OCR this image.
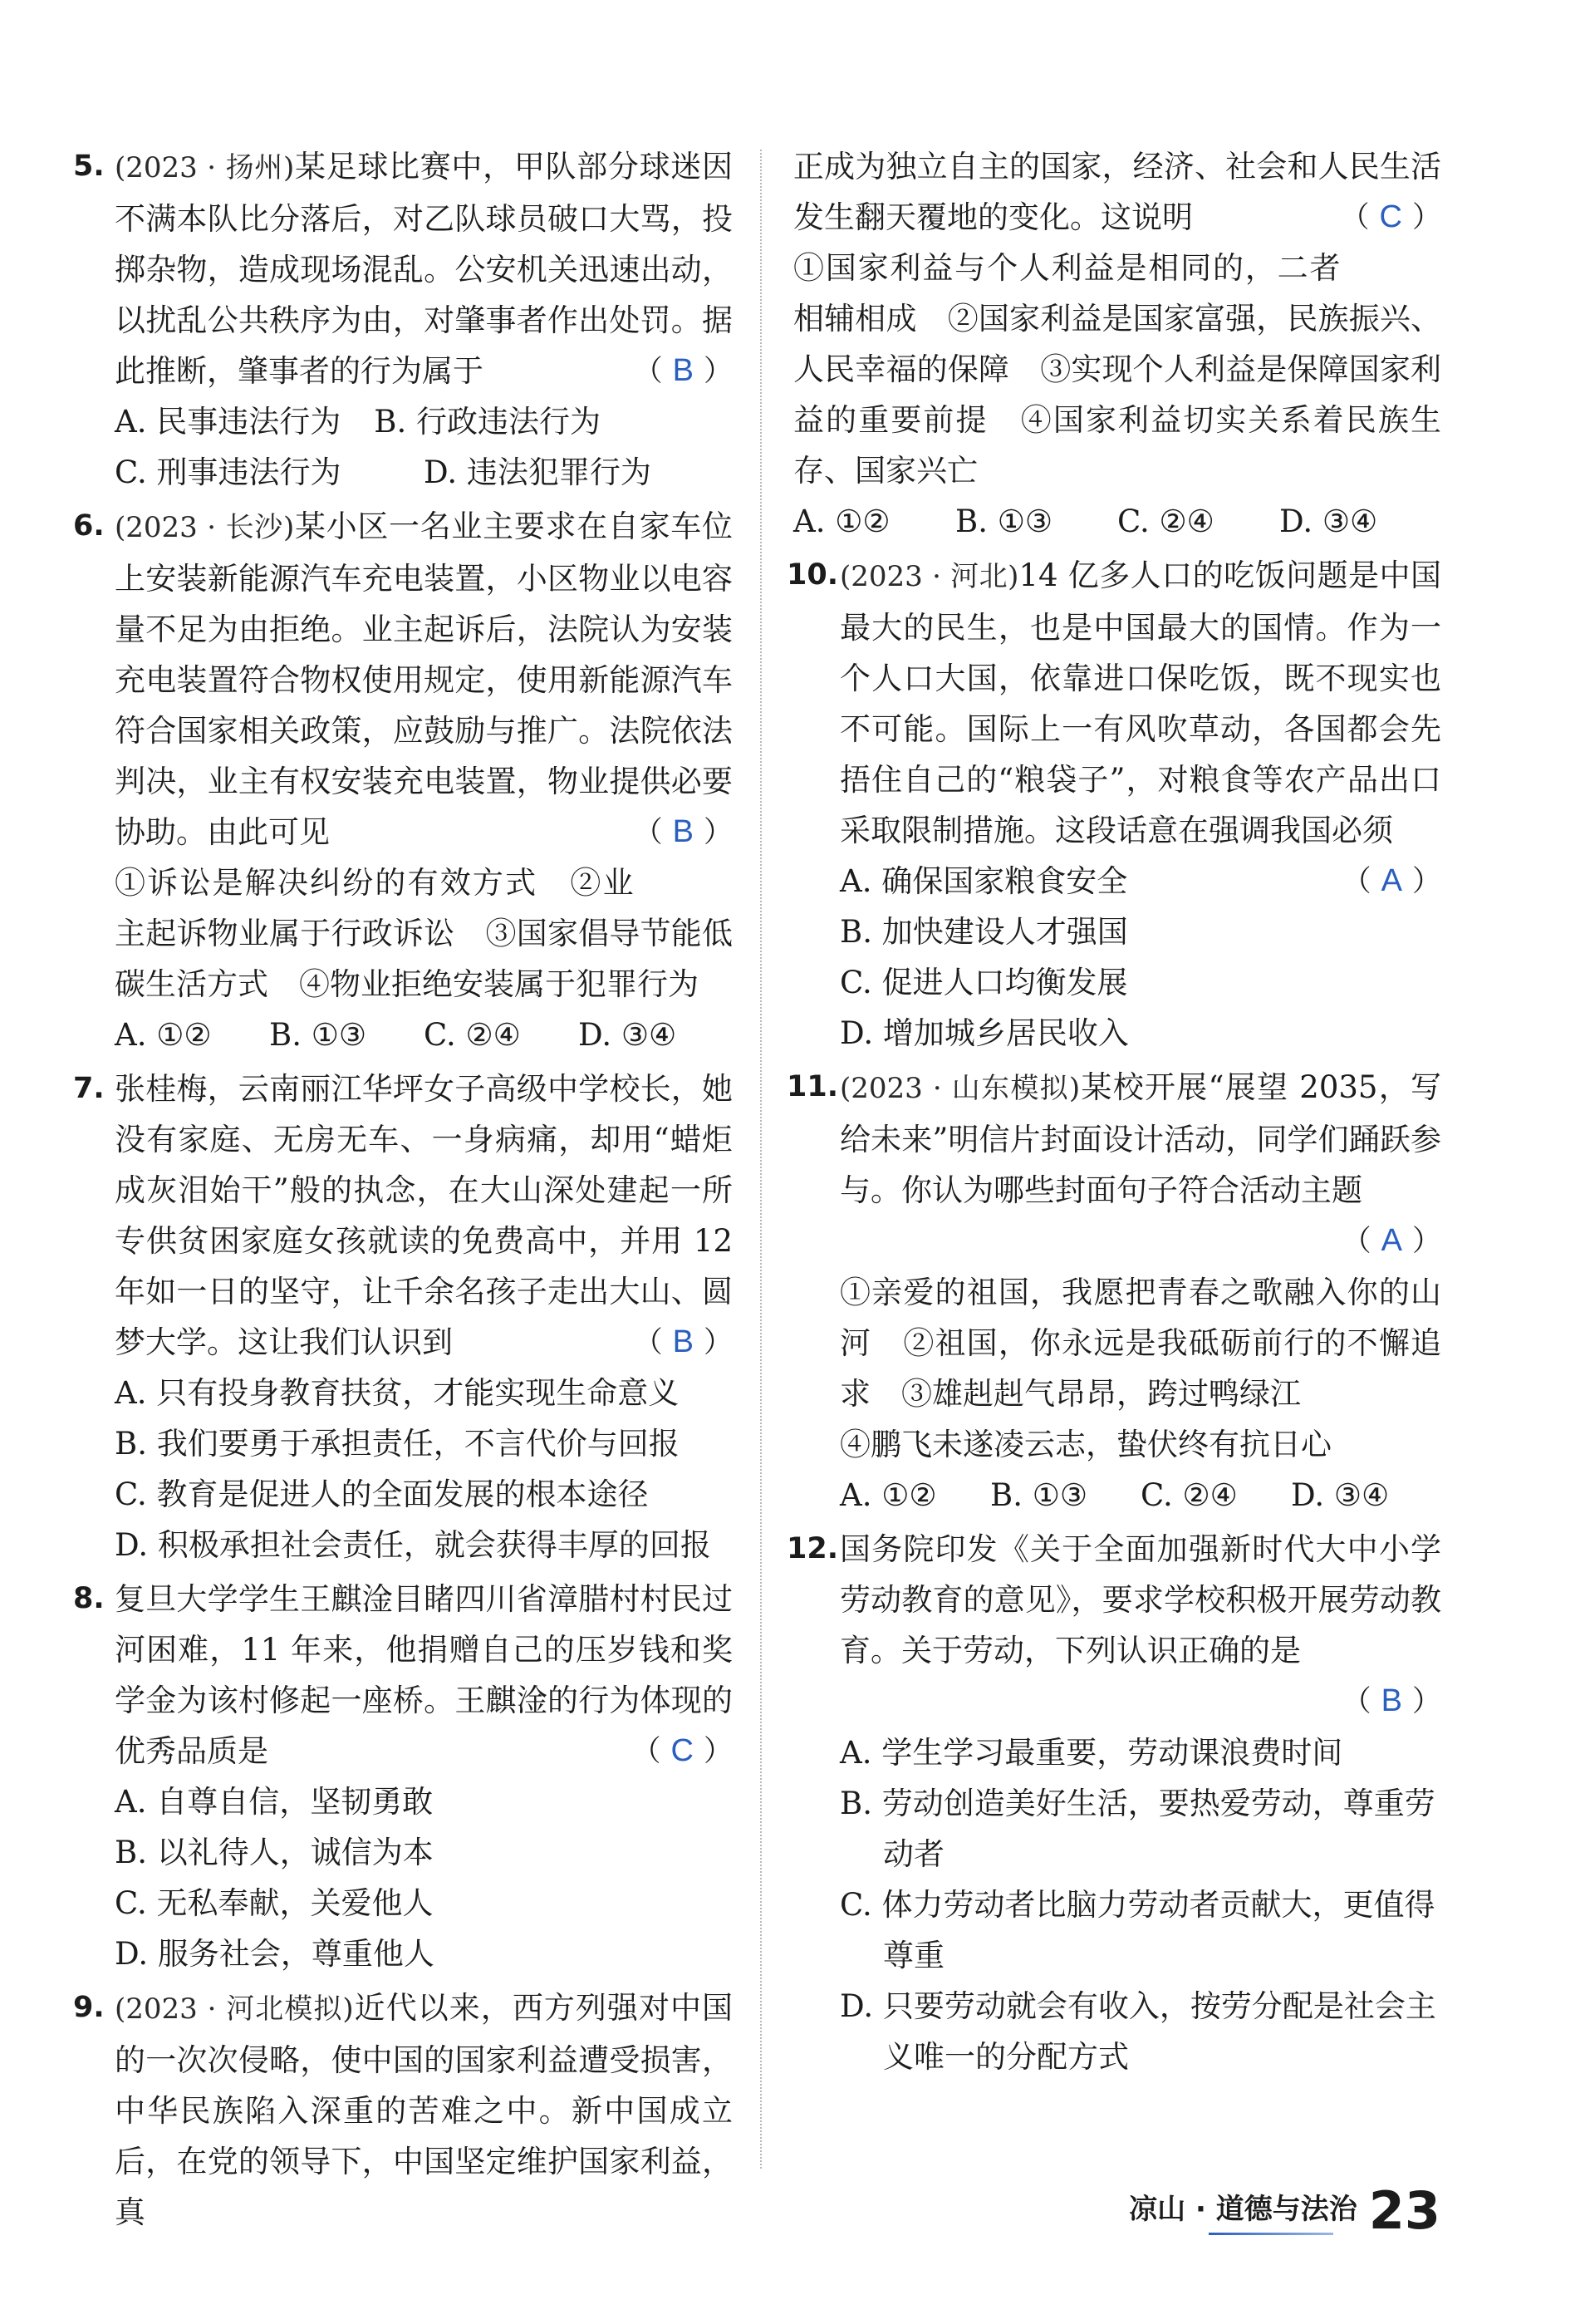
5. (2023 · 扬州)某足球比赛中，甲队部分球迷因不满本队比分落后，对乙队球员破口大骂，投掷杂物，造成现场混乱。公安机关迅速出动，以扰乱公共秩序为由，对肇事者作出处罚。据此推断，肇事者的行为属于	（ B ）
A. 民事违法行为	B. 行政违法行为
C. 刑事违法行为	D. 违法犯罪行为
6. (2023 · 长沙)某小区一名业主要求在自家车位上安装新能源汽车充电装置，小区物业以电容量不足为由拒绝。业主起诉后，法院认为安装充电装置符合物权使用规定，使用新能源汽车符合国家相关政策，应鼓励与推广。法院依法判决，业主有权安装充电装置，物业提供必要协助。由此可见	（ B ）
①诉讼是解决纠纷的有效方式　②业主起诉物业属于行政诉讼　③国家倡导节能低碳生活方式　④物业拒绝安装属于犯罪行为
A. ①②	B. ①③	C. ②④	D. ③④
7. 张桂梅，云南丽江华坪女子高级中学校长，她没有家庭、无房无车、一身病痛，却用“蜡炬成灰泪始干”般的执念，在大山深处建起一所专供贫困家庭女孩就读的免费高中，并用 12 年如一日的坚守，让千余名孩子走出大山、圆梦大学。这让我们认识到	（ B ）
A. 只有投身教育扶贫，才能实现生命意义
B. 我们要勇于承担责任，不言代价与回报
C. 教育是促进人的全面发展的根本途径
D. 积极承担社会责任，就会获得丰厚的回报
8. 复旦大学学生王麒淦目睹四川省漳腊村村民过河困难，11 年来，他捐赠自己的压岁钱和奖学金为该村修起一座桥。王麒淦的行为体现的优秀品质是	（ C ）
A. 自尊自信，坚韧勇敢
B. 以礼待人，诚信为本
C. 无私奉献，关爱他人
D. 服务社会，尊重他人
9. (2023 · 河北模拟)近代以来，西方列强对中国的一次次侵略，使中国的国家利益遭受损害，中华民族陷入深重的苦难之中。新中国成立后，在党的领导下，中国坚定维护国家利益，真
正成为独立自主的国家，经济、社会和人民生活发生翻天覆地的变化。这说明	（ C ）
①国家利益与个人利益是相同的，二者相辅相成　②国家利益是国家富强，民族振兴、人民幸福的保障　③实现个人利益是保障国家利益的重要前提　④国家利益切实关系着民族生存、国家兴亡
A. ①②	B. ①③	C. ②④	D. ③④
10. (2023 · 河北)14 亿多人口的吃饭问题是中国最大的民生，也是中国最大的国情。作为一个人口大国，依靠进口保吃饭，既不现实也不可能。国际上一有风吹草动，各国都会先捂住自己的“粮袋子”，对粮食等农产品出口采取限制措施。这段话意在强调我国必须
（ A ）
A. 确保国家粮食安全
B. 加快建设人才强国
C. 促进人口均衡发展
D. 增加城乡居民收入
11. (2023 · 山东模拟)某校开展“展望 2035，写给未来”明信片封面设计活动，同学们踊跃参与。你认为哪些封面句子符合活动主题
（ A ）
①亲爱的祖国，我愿把青春之歌融入你的山河　②祖国，你永远是我砥砺前行的不懈追求　③雄赳赳气昂昂，跨过鸭绿江
④鹏飞未遂凌云志，蛰伏终有抗日心
A. ①②	B. ①③	C. ②④	D. ③④
12. 国务院印发《关于全面加强新时代大中小学劳动教育的意见》，要求学校积极开展劳动教育。关于劳动，下列认识正确的是
（ B ）
A. 学生学习最重要，劳动课浪费时间
B. 劳动创造美好生活，要热爱劳动，尊重劳动者
C. 体力劳动者比脑力劳动者贡献大，更值得尊重
D. 只要劳动就会有收入，按劳分配是社会主义唯一的分配方式
凉山 · 道德与法治 23
